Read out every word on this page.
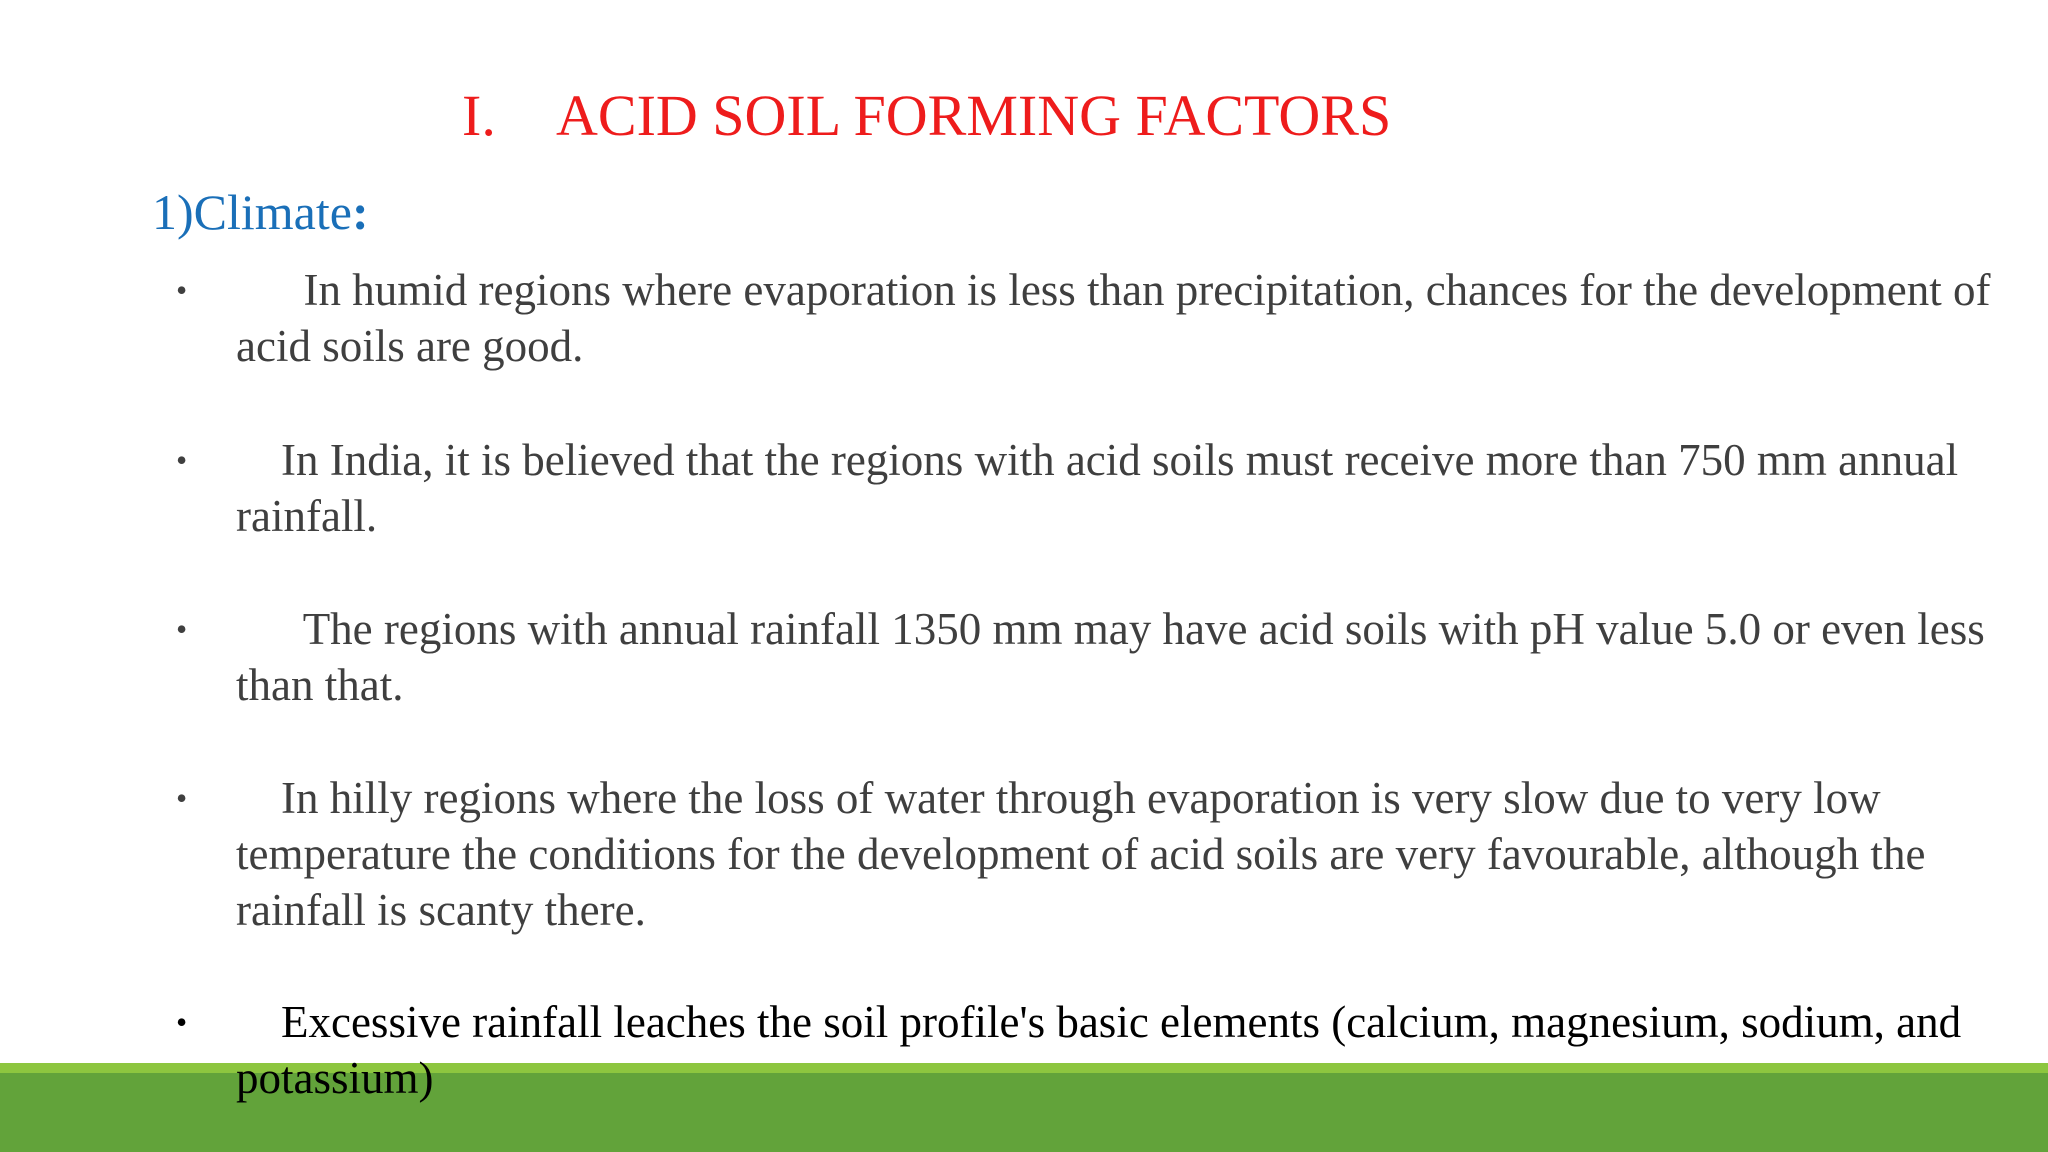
I. ACID SOIL FORMING FACTORS
1)Climate:
•	In humid regions where evaporation is less than precipitation, chances for the development of acid soils are good.

•	In India, it is believed that the regions with acid soils must receive more than 750 mm annual rainfall.

•	The regions with annual rainfall 1350 mm may have acid soils with pH value 5.0 or even less than that.

•	In hilly regions where the loss of water through evaporation is very slow due to very low temperature the conditions for the development of acid soils are very favourable, although the rainfall is scanty there.

•	Excessive rainfall leaches the soil profile's basic elements (calcium, magnesium, sodium, and potassium)
